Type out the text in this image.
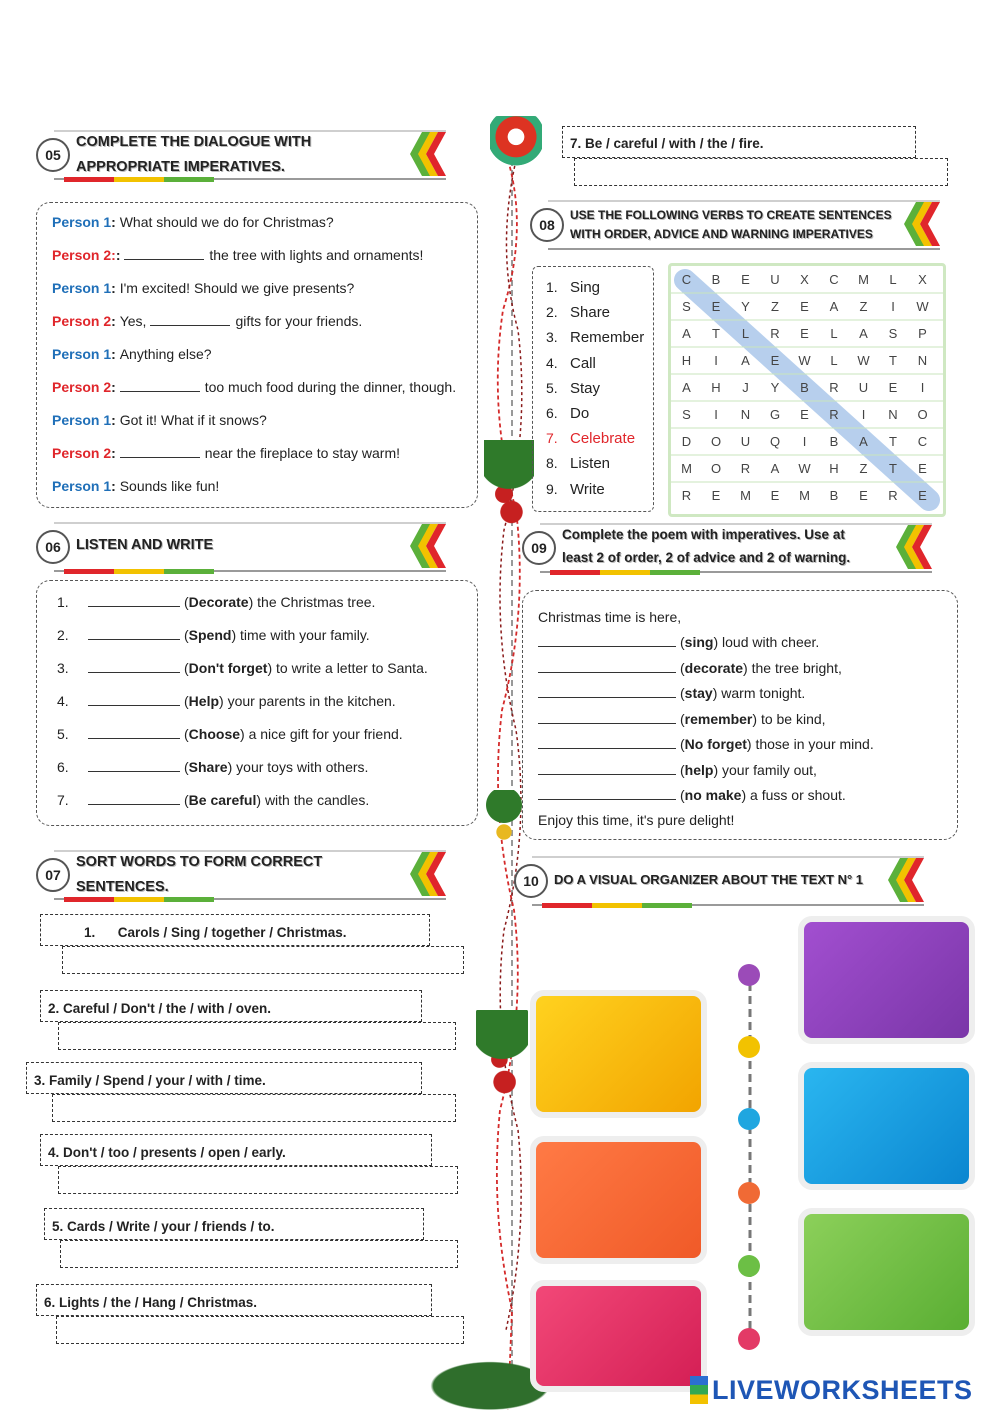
05
COMPLETE THE DIALOGUE WITH
APPROPRIATE IMPERATIVES.
06	LISTEN AND WRITE
07
SORT WORDS TO FORM CORRECT
SENTENCES.
7. Be / careful / with / the / fire.
08
USE THE FOLLOWING VERBS TO CREATE SENTENCES
WITH ORDER, ADVICE AND WARNING IMPERATIVES
C	B	E	U	X	C	M	L	X
S	E	Y	Z	E	A	Z	I	W
A	T	L	R	E	L	A	S	P
H	I	A	E	W	L	W	T	N
A	H	J	Y	B	R	U	E	I
S	I	N	G	E	R	I	N	O
D	O	U	Q	I	B	A	T	C
M	O	R	A	W	H	Z	T	E
R	E	M	E	M	B	E	R	E
09
Complete the poem with imperatives. Use at
least 2 of order, 2 of advice and 2 of warning.
Christmas time is here,
Enjoy this time, it's pure delight!
10	DO A VISUAL ORGANIZER ABOUT THE TEXT N° 1
LIVEWORKSHEETS
Person 1: What should we do for Christmas?
Person 2::	the tree with lights and ornaments!
Person 1: I'm excited! Should we give presents?
Person 2: Yes,	gifts for your friends.
Person 1: Anything else?
Person 2:	too much food during the dinner, though.
Person 1: Got it! What if it snows?
Person 2:	near the fireplace to stay warm!
Person 1: Sounds like fun!
1.	(Decorate) the Christmas tree.
2.	(Spend) time with your family.
3.	(Don't forget) to write a letter to Santa.
4.	(Help) your parents in the kitchen.
5.	(Choose) a nice gift for your friend.
6.	(Share) your toys with others.
7.	(Be careful) with the candles.
1.      Carols / Sing / together / Christmas.
2. Careful / Don't / the / with / oven.
3. Family / Spend / your / with / time.
4. Don't / too / presents / open / early.
5. Cards / Write / your / friends / to.
6. Lights / the / Hang / Christmas.
1. Sing
2. Share
3. Remember
4. Call
5. Stay
6. Do
7. Celebrate
8. Listen
9. Write
(sing) loud with cheer.
(decorate) the tree bright,
(stay) warm tonight.
(remember) to be kind,
(No forget) those in your mind.
(help) your family out,
(no make) a fuss or shout.
